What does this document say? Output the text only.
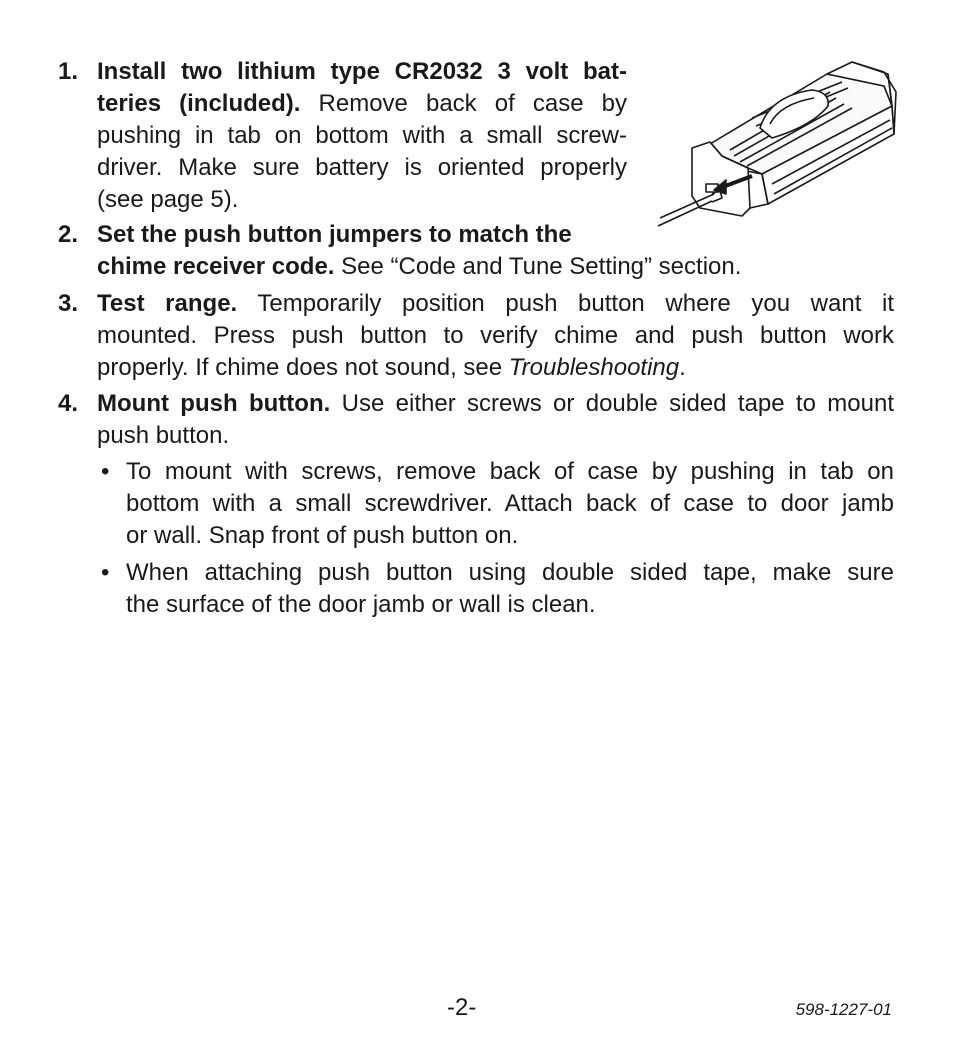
1. Install two lithium type CR2032 3 volt bat-
teries (included). Remove back of case by
pushing in tab on bottom with a small screw-
driver. Make sure battery is oriented properly
(see page 5).
2. Set the push button jumpers to match the
chime receiver code. See “Code and Tune Setting” section.
3. Test range. Temporarily position push button where you want it
mounted. Press push button to verify chime and push button work
properly. If chime does not sound, see Troubleshooting.
4. Mount push button. Use either screws or double sided tape to mount
push button.
• To mount with screws, remove back of case by pushing in tab on
bottom with a small screwdriver. Attach back of case to door jamb
or wall. Snap front of push button on.
• When attaching push button using double sided tape, make sure
the surface of the door jamb or wall is clean.
-2-	598-1227-01
